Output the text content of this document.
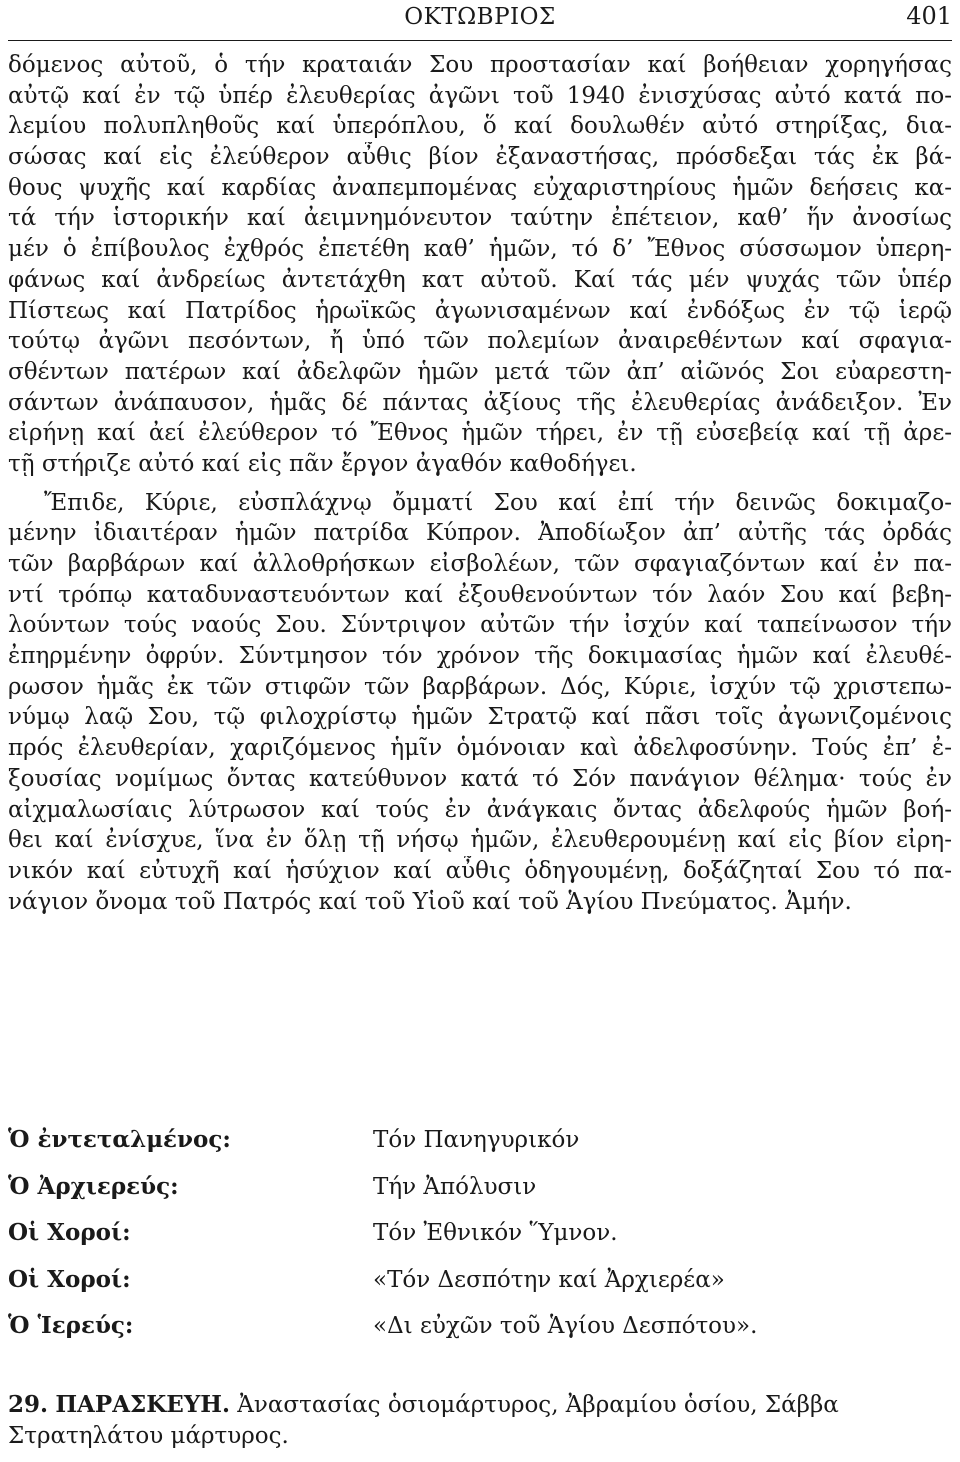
ΟΚΤΩΒΡΙΟΣ	401
δόμενος αὐτοῦ, ὁ τήν κραταιάν Σου προστασίαν καί βοήθειαν χορηγήσας
αὐτῷ καί ἐν τῷ ὑπέρ ἐλευθερίας ἀγῶνι τοῦ 1940 ἐνισχύσας αὐτό κατά πο-
λεμίου πολυπληθοῦς καί ὑπερόπλου, ὅ καί δουλωθέν αὐτό στηρίξας, δια-
σώσας καί εἰς ἐλεύθερον αὖθις βίον ἐξαναστήσας, πρόσδεξαι τάς ἐκ βά-
θους ψυχῆς καί καρδίας ἀναπεμπομένας εὐχαριστηρίους ἡμῶν δεήσεις κα-
τά τήν ἱστορικήν καί ἀειμνημόνευτον ταύτην ἐπέτειον, καθ’ ἥν ἀνοσίως
μέν ὁ ἐπίβουλος ἐχθρός ἐπετέθη καθ’ ἡμῶν, τό δ’ Ἔθνος σύσσωμον ὑπερη-
φάνως καί ἀνδρείως ἀντετάχθη κατ αὐτοῦ. Καί τάς μέν ψυχάς τῶν ὑπέρ
Πίστεως καί Πατρίδος ἡρωϊκῶς ἀγωνισαμένων καί ἐνδόξως ἐν τῷ ἱερῷ
τούτῳ ἀγῶνι πεσόντων, ἤ ὑπό τῶν πολεμίων ἀναιρεθέντων καί σφαγια-
σθέντων πατέρων καί ἀδελφῶν ἡμῶν μετά τῶν ἀπ’ αἰῶνός Σοι εὐαρεστη-
σάντων ἀνάπαυσον, ἡμᾶς δέ πάντας ἀξίους τῆς ἐλευθερίας ἀνάδειξον. Ἐν
εἰρήνῃ καί ἀεί ἐλεύθερον τό Ἔθνος ἡμῶν τήρει, ἐν τῇ εὐσεβείᾳ καί τῇ ἀρε-
τῇ στήριζε αὐτό καί εἰς πᾶν ἔργον ἀγαθόν καθοδήγει.
Ἔπιδε, Κύριε, εὐσπλάχνῳ ὄμματί Σου καί ἐπί τήν δεινῶς δοκιμαζο-
μένην ἰδιαιτέραν ἡμῶν πατρίδα Κύπρον. Ἀποδίωξον ἀπ’ αὐτῆς τάς ὀρδάς
τῶν βαρβάρων καί ἀλλοθρήσκων εἰσβολέων, τῶν σφαγιαζόντων καί ἐν πα-
ντί τρόπῳ καταδυναστευόντων καί ἐξουθενούντων τόν λαόν Σου καί βεβη-
λούντων τούς ναούς Σου. Σύντριψον αὐτῶν τήν ἰσχύν καί ταπείνωσον τήν
ἐπηρμένην ὀφρύν. Σύντμησον τόν χρόνον τῆς δοκιμασίας ἡμῶν καί ἐλευθέ-
ρωσον ἡμᾶς ἐκ τῶν στιφῶν τῶν βαρβάρων. Δός, Κύριε, ἰσχύν τῷ χριστεπω-
νύμῳ λαῷ Σου, τῷ φιλοχρίστῳ ἡμῶν Στρατῷ καί πᾶσι τοῖς ἀγωνιζομένοις
πρός ἐλευθερίαν, χαριζόμενος ἡμῖν ὁμόνοιαν καὶ ἀδελφοσύνην. Τούς ἐπ’ ἐ-
ξουσίας νομίμως ὄντας κατεύθυνον κατά τό Σόν πανάγιον θέλημα· τούς ἐν
αἰχμαλωσίαις λύτρωσον καί τούς ἐν ἀνάγκαις ὄντας ἀδελφούς ἡμῶν βοή-
θει καί ἐνίσχυε, ἵνα ἐν ὅλῃ τῇ νήσῳ ἡμῶν, ἐλευθερουμένῃ καί εἰς βίον εἰρη-
νικόν καί εὐτυχῆ καί ἡσύχιον καί αὖθις ὁδηγουμένῃ, δοξάζηταί Σου τό πα-
νάγιον ὄνομα τοῦ Πατρός καί τοῦ Υἱοῦ καί τοῦ Ἁγίου Πνεύματος. Ἀμήν.
Ὁ ἐντεταλμένος:	Τόν Πανηγυρικόν
Ὁ Ἀρχιερεύς:	Τήν Ἀπόλυσιν
Οἱ Χοροί:	Τόν Ἐθνικόν Ὕμνον.
Οἱ Χοροί:	«Τόν Δεσπότην καί Ἀρχιερέα»
Ὁ Ἱερεύς:	«Δι εὐχῶν τοῦ Ἁγίου Δεσπότου».
29. ΠΑΡΑΣΚΕΥΗ. Ἀναστασίας ὁσιομάρτυρος, Ἀβραμίου ὁσίου, Σάββα
Στρατηλάτου μάρτυρος.
